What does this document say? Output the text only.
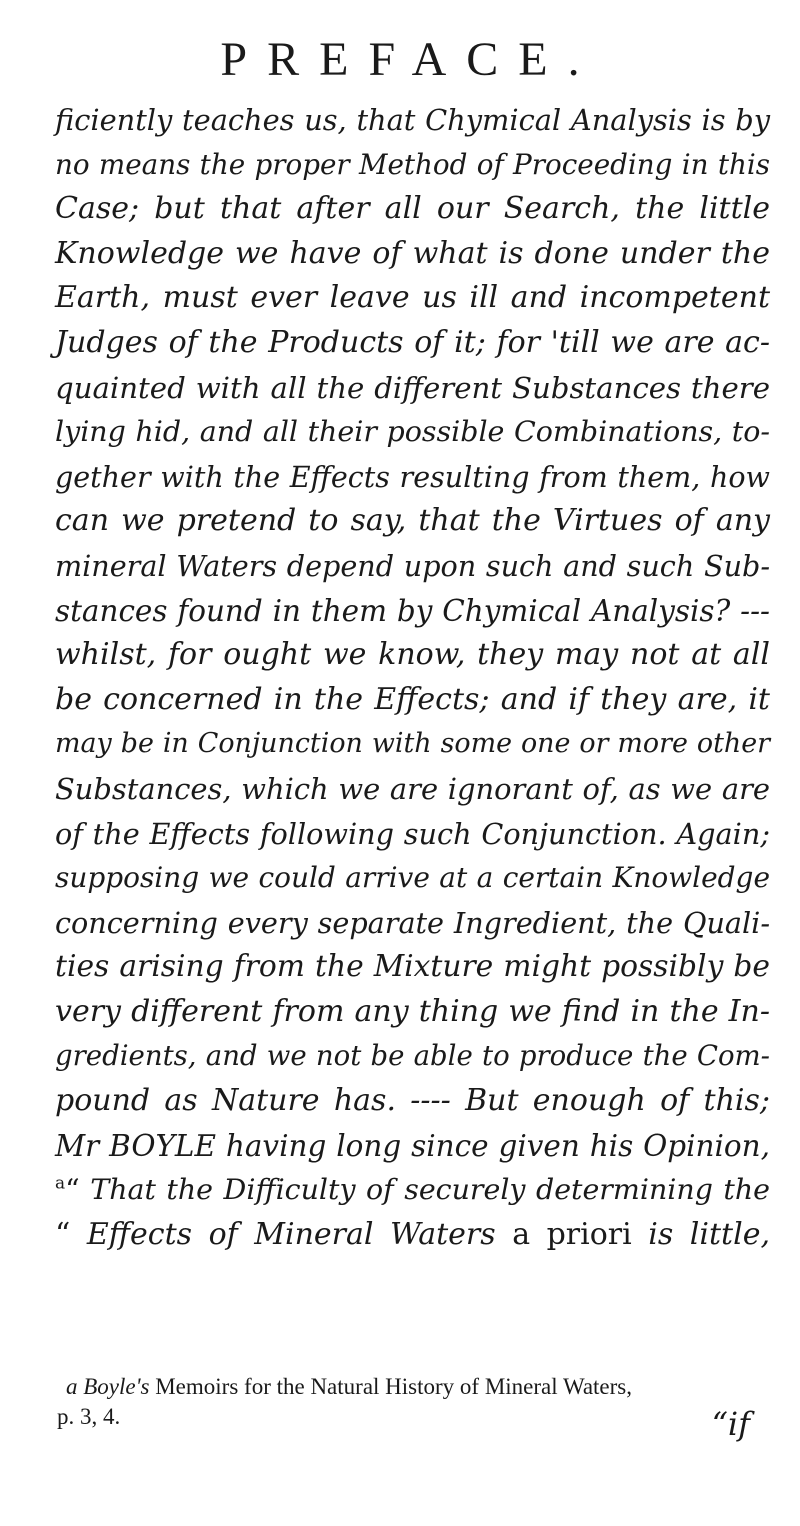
PREFACE.
ficiently teaches us, that Chymical Analysis is by
no means the proper Method of Proceeding in this
Case; but that after all our Search, the little
Knowledge we have of what is done under the
Earth, must ever leave us ill and incompetent
Judges of the Products of it; for 'till we are ac-
quainted with all the different Substances there
lying hid, and all their possible Combinations, to-
gether with the Effects resulting from them, how
can we pretend to say, that the Virtues of any
mineral Waters depend upon such and such Sub-
stances found in them by Chymical Analysis? ---
whilst, for ought we know, they may not at all
be concerned in the Effects; and if they are, it
may be in Conjunction with some one or more other
Substances, which we are ignorant of, as we are
of the Effects following such Conjunction. Again;
supposing we could arrive at a certain Knowledge
concerning every separate Ingredient, the Quali-
ties arising from the Mixture might possibly be
very different from any thing we find in the In-
gredients, and we not be able to produce the Com-
pound as Nature has. ---- But enough of this;
Mr BOYLE having long since given his Opinion,
$^a$“ That the Difficulty of securely determining the
“ Effects of Mineral Waters a priori is little,
a Boyle's Memoirs for the Natural History of Mineral Waters,
p. 3, 4.	“if
